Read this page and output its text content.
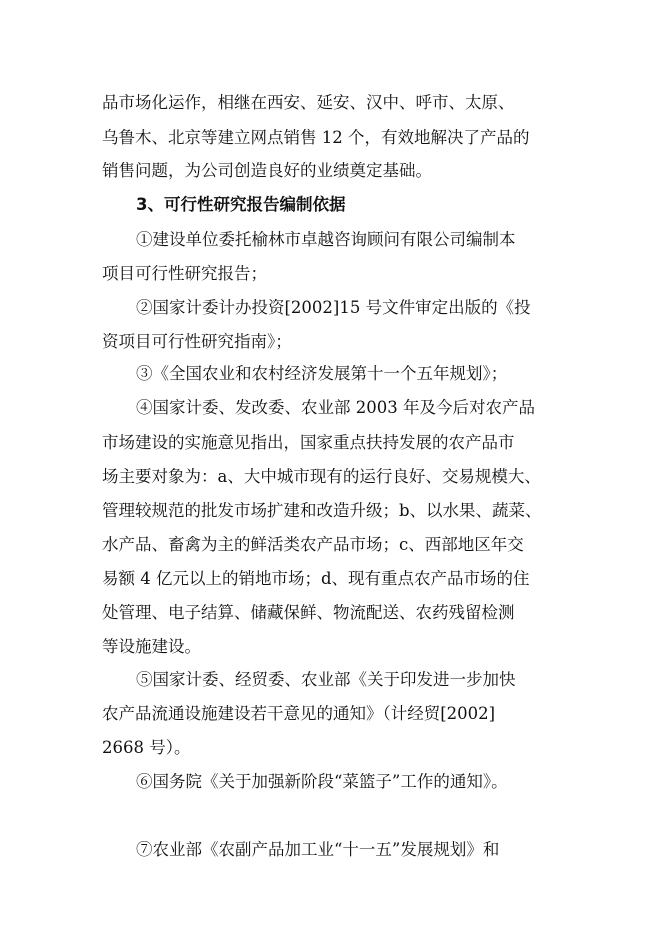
品市场化运作，相继在西安、延安、汉中、呼市、太原、
乌鲁木、北京等建立网点销售 12 个，有效地解决了产品的
销售问题，为公司创造良好的业绩奠定基础。
3、可行性研究报告编制依据
①建设单位委托榆林市卓越咨询顾问有限公司编制本
项目可行性研究报告；
②国家计委计办投资[2002]15 号文件审定出版的《投
资项目可行性研究指南》；
③《全国农业和农村经济发展第十一个五年规划》；
④国家计委、发改委、农业部 2003 年及今后对农产品
市场建设的实施意见指出，国家重点扶持发展的农产品市
场主要对象为：a、大中城市现有的运行良好、交易规模大、
管理较规范的批发市场扩建和改造升级；b、以水果、蔬菜、
水产品、畜禽为主的鲜活类农产品市场；c、西部地区年交
易额 4 亿元以上的销地市场；d、现有重点农产品市场的住
处管理、电子结算、储藏保鲜、物流配送、农药残留检测
等设施建设。
⑤国家计委、经贸委、农业部《关于印发进一步加快
农产品流通设施建设若干意见的通知》（计经贸[2002]
2668 号）。
⑥国务院《关于加强新阶段“菜篮子”工作的通知》。
⑦农业部《农副产品加工业“十一五”发展规划》和
